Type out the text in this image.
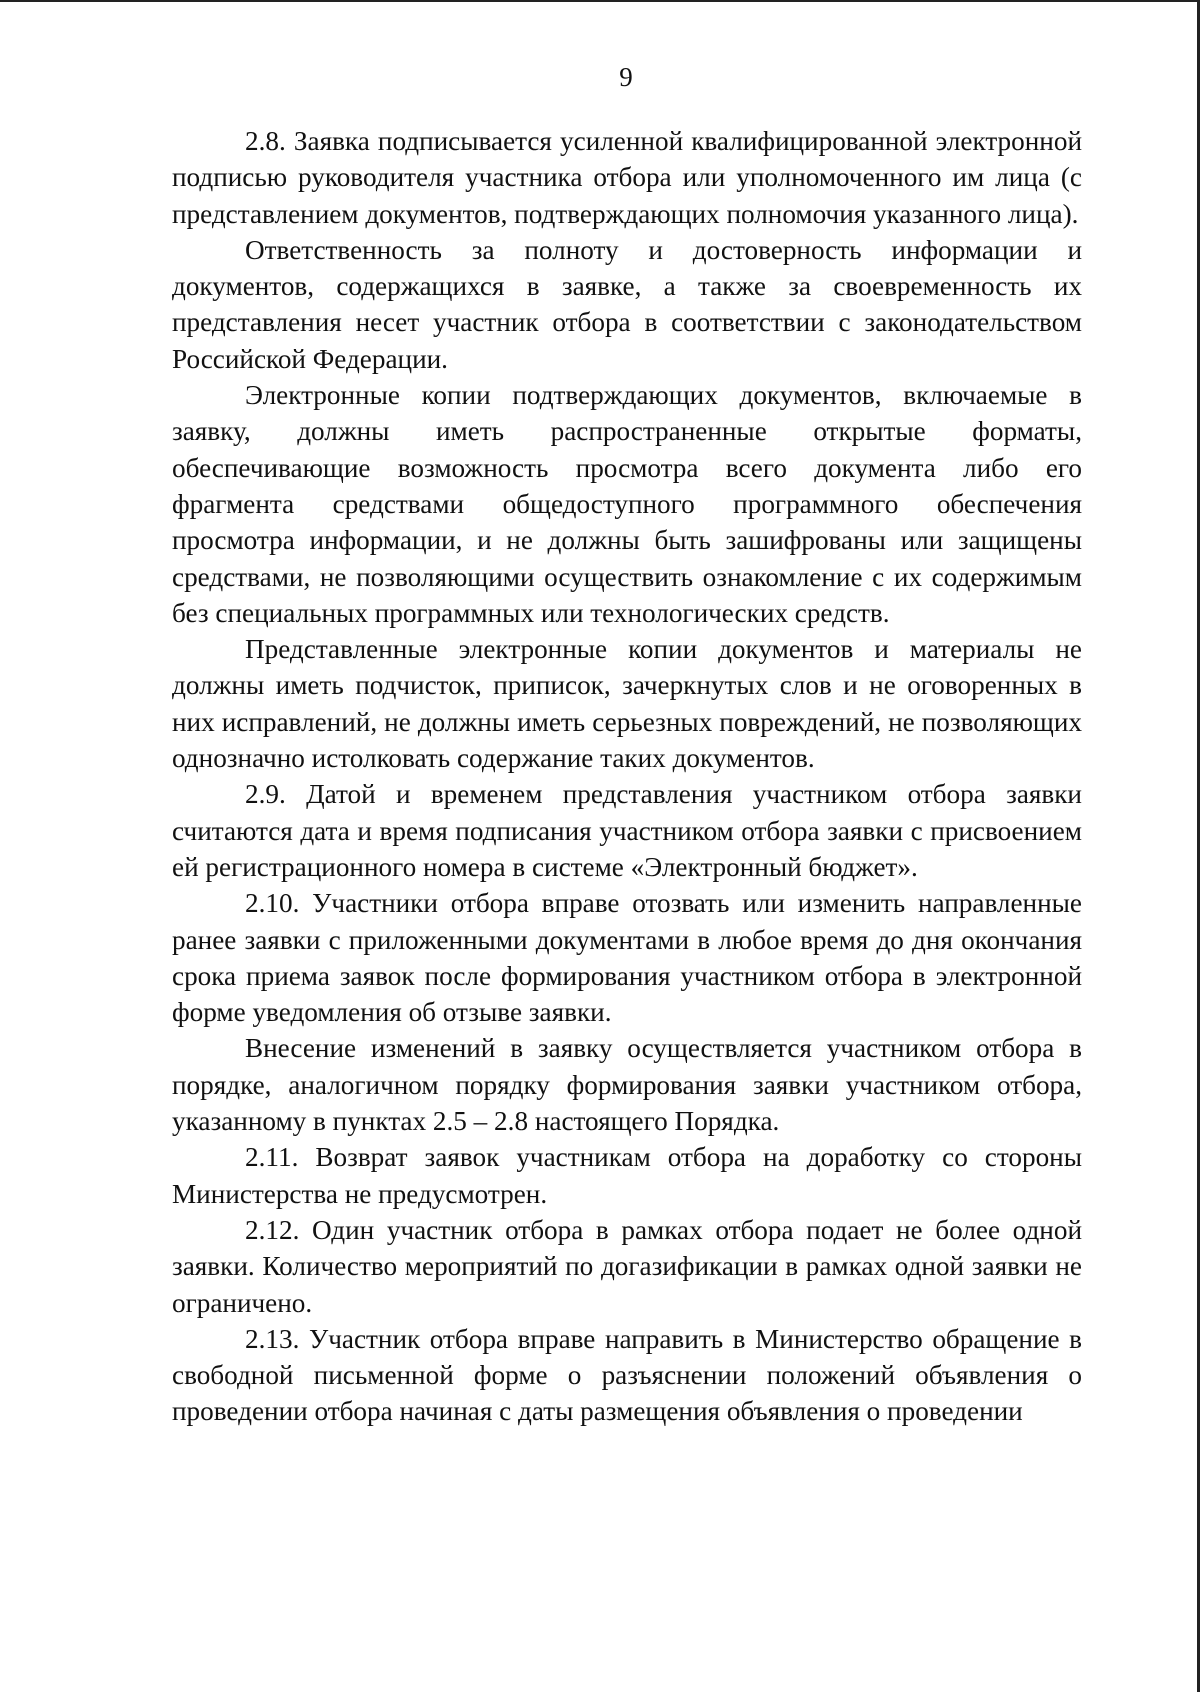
9

2.8. Заявка подписывается усиленной квалифицированной электронной подписью руководителя участника отбора или уполномоченного им лица (с представлением документов, подтверждающих полномочия указанного лица).

Ответственность за полноту и достоверность информации и документов, содержащихся в заявке, а также за своевременность их представления несет участник отбора в соответствии с законодательством Российской Федерации.

Электронные копии подтверждающих документов, включаемые в заявку, должны иметь распространенные открытые форматы, обеспечивающие возможность просмотра всего документа либо его фрагмента средствами общедоступного программного обеспечения просмотра информации, и не должны быть зашифрованы или защищены средствами, не позволяющими осуществить ознакомление с их содержимым без специальных программных или технологических средств.

Представленные электронные копии документов и материалы не должны иметь подчисток, приписок, зачеркнутых слов и не оговоренных в них исправлений, не должны иметь серьезных повреждений, не позволяющих однозначно истолковать содержание таких документов.

2.9. Датой и временем представления участником отбора заявки считаются дата и время подписания участником отбора заявки с присвоением ей регистрационного номера в системе «Электронный бюджет».

2.10. Участники отбора вправе отозвать или изменить направленные ранее заявки с приложенными документами в любое время до дня окончания срока приема заявок после формирования участником отбора в электронной форме уведомления об отзыве заявки.

Внесение изменений в заявку осуществляется участником отбора в порядке, аналогичном порядку формирования заявки участником отбора, указанному в пунктах 2.5 – 2.8 настоящего Порядка.

2.11. Возврат заявок участникам отбора на доработку со стороны Министерства не предусмотрен.

2.12. Один участник отбора в рамках отбора подает не более одной заявки. Количество мероприятий по догазификации в рамках одной заявки не ограничено.

2.13. Участник отбора вправе направить в Министерство обращение в свободной письменной форме о разъяснении положений объявления о проведении отбора начиная с даты размещения объявления о проведении
